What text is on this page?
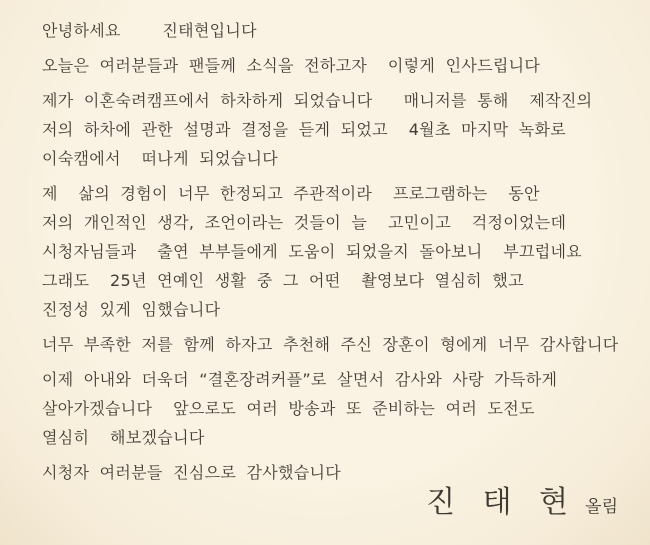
안녕하세요    진태현입니다

오늘은 여러분들과 팬들께 소식을 전하고자  이렇게 인사드립니다

제가 이혼숙려캠프에서 하차하게 되었습니다   매니저를 통해  제작진의
저의 하차에 관한 설명과 결정을 듣게 되었고  4월초 마지막 녹화로
이숙캠에서  떠나게 되었습니다

제  삶의 경험이 너무 한정되고 주관적이라  프로그램하는  동안
저의 개인적인 생각, 조언이라는 것들이 늘  고민이고  걱정이었는데
시청자님들과  출연 부부들에게 도움이 되었을지 돌아보니  부끄럽네요
그래도  25년 연예인 생활 중 그 어떤  촬영보다 열심히 했고
진정성 있게 임했습니다

너무 부족한 저를 함께 하자고 추천해 주신 장훈이 형에게 너무 감사합니다

이제 아내와 더욱더 “결혼장려커플”로 살면서 감사와 사랑 가득하게
살아가겠습니다  앞으로도 여러 방송과 또 준비하는 여러 도전도
열심히  해보겠습니다

시청자 여러분들 진심으로 감사했습니다

진 태 현 올림
